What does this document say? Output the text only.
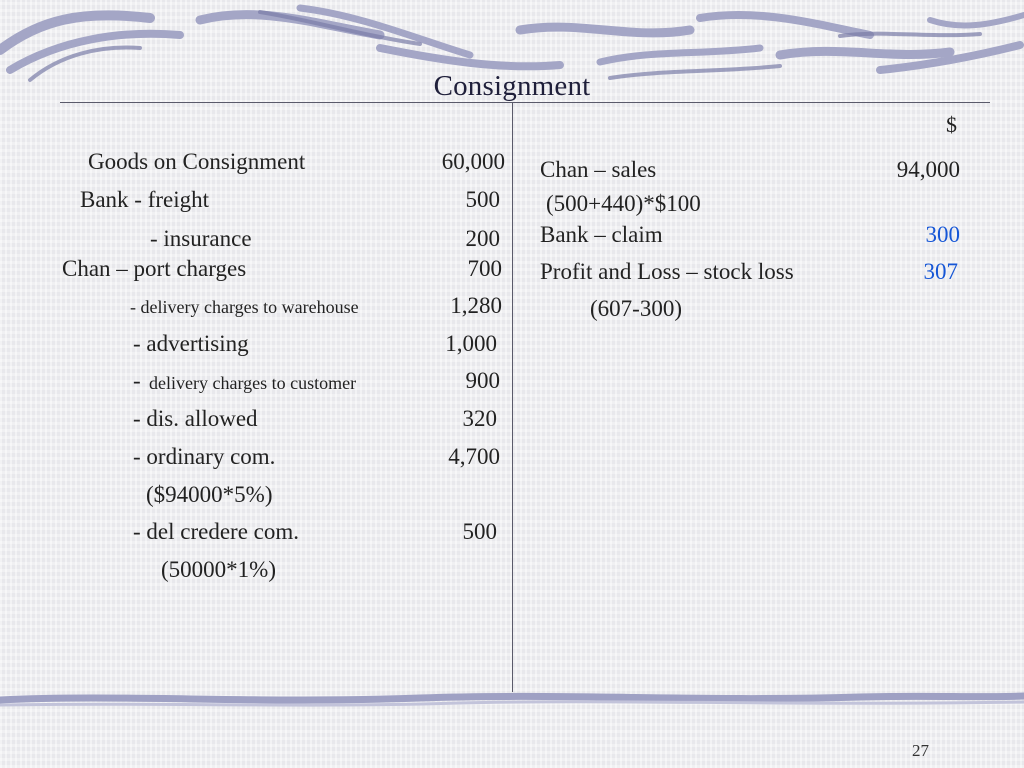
Consignment
$
Goods on Consignment	60,000
Bank - freight	500
- insurance	200
Chan – port charges	700
- delivery charges to warehouse	1,280
- advertising	1,000
- delivery charges to customer	900
- dis. allowed	320
- ordinary com.	4,700
($94000*5%)
- del credere com.	500
(50000*1%)
Chan – sales	94,000
(500+440)*$100
Bank – claim	300
Profit and Loss – stock loss	307
(607-300)
27
